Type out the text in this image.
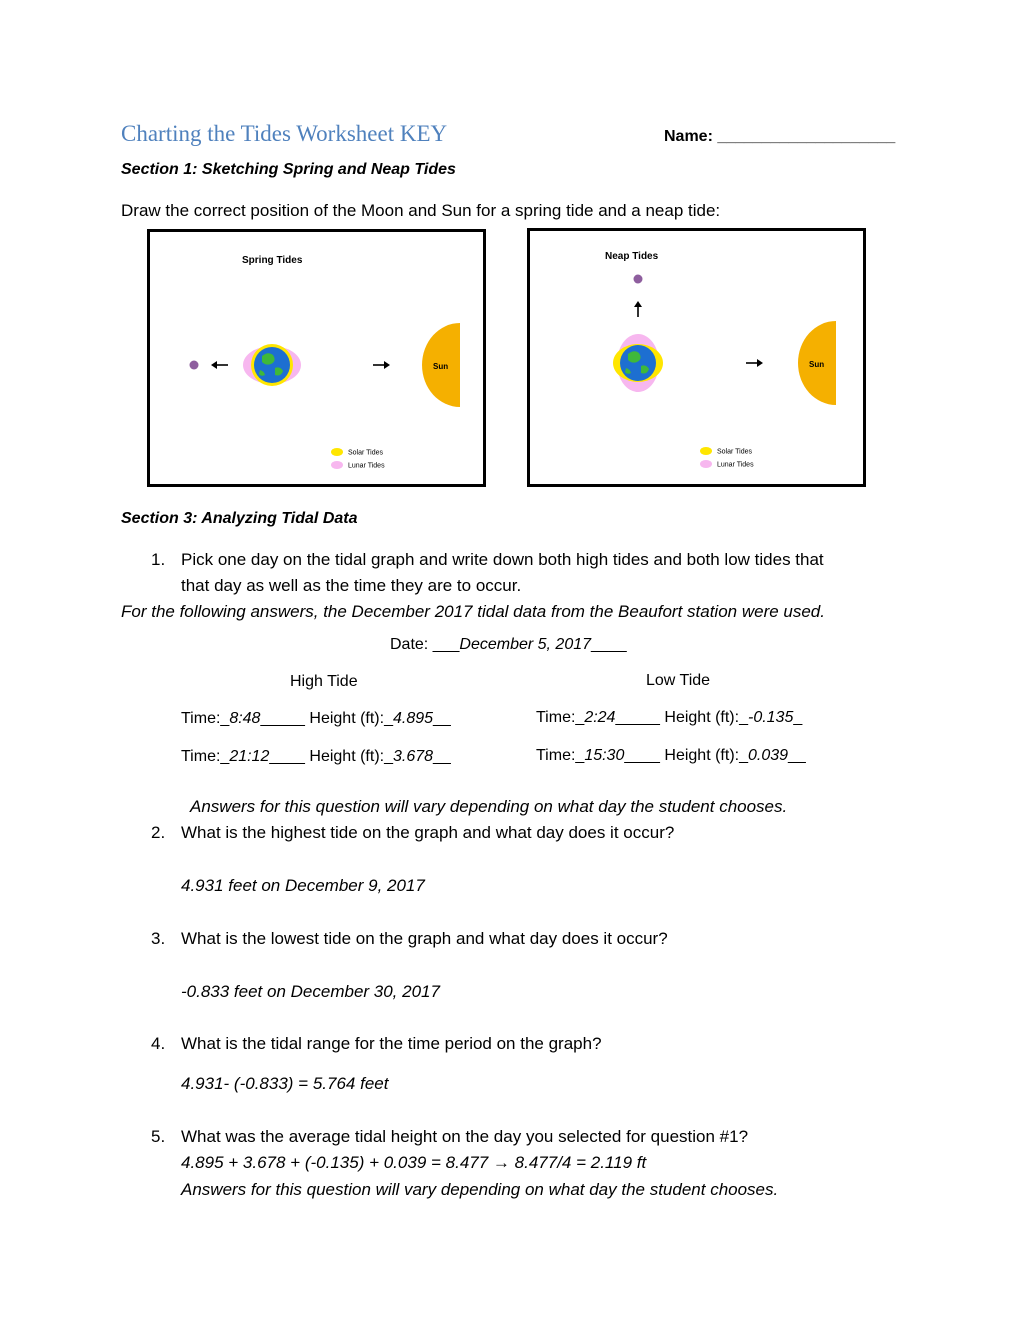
Charting the Tides Worksheet KEY	Name: ____________________
Section 1: Sketching Spring and Neap Tides
Draw the correct position of the Moon and Sun for a spring tide and a neap tide:
Spring Tides
Sun
Solar Tides
Lunar Tides
Neap Tides
Sun
Solar Tides
Lunar Tides
Section 3: Analyzing Tidal Data
1. Pick one day on the tidal graph and write down both high tides and both low tides that
that day as well as the time they are to occur.
For the following answers, the December 2017 tidal data from the Beaufort station were used.
Date: ___December 5, 2017____
High Tide	Low Tide
Time:_8:48_____ Height (ft):_4.895__	Time:_2:24_____ Height (ft):_-0.135_
Time:_21:12____ Height (ft):_3.678__	Time:_15:30____ Height (ft):_0.039__
Answers for this question will vary depending on what day the student chooses.
2. What is the highest tide on the graph and what day does it occur?
4.931 feet on December 9, 2017
3. What is the lowest tide on the graph and what day does it occur?
-0.833 feet on December 30, 2017
4. What is the tidal range for the time period on the graph?
4.931- (-0.833) = 5.764 feet
5. What was the average tidal height on the day you selected for question #1?
4.895 + 3.678 + (-0.135) + 0.039 = 8.477 → 8.477/4 = 2.119 ft
Answers for this question will vary depending on what day the student chooses.
